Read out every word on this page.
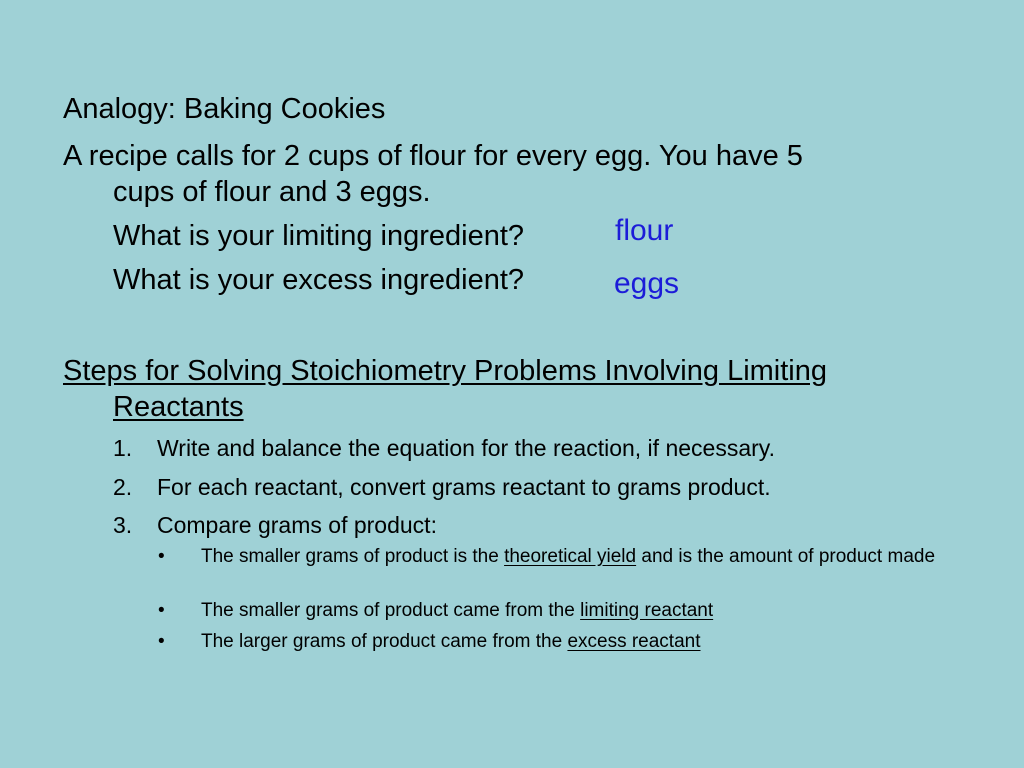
Analogy: Baking Cookies
A recipe calls for 2 cups of flour for every egg. You have 5
cups of flour and 3 eggs.
What is your limiting ingredient?	flour
What is your excess ingredient?	eggs
Steps for Solving Stoichiometry Problems Involving Limiting
Reactants
1. Write and balance the equation for the reaction, if necessary.
2. For each reactant, convert grams reactant to grams product.
3. Compare grams of product:
• The smaller grams of product is the theoretical yield and is the amount of product made
• The smaller grams of product came from the limiting reactant
• The larger grams of product came from the excess reactant
